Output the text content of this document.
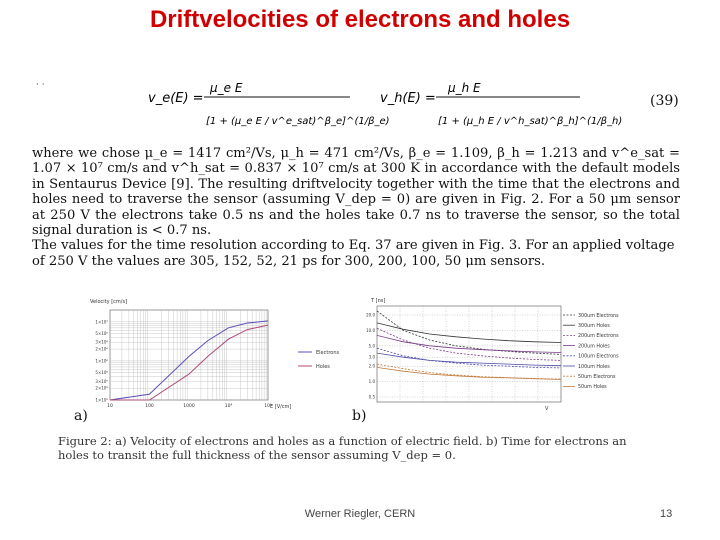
Driftvelocities of electrons and holes
· ·
v_e(E) =
μ_e E
[1 + (μ_e E / v^e_sat)^β_e]^(1/β_e)
v_h(E) =
μ_h E
[1 + (μ_h E / v^h_sat)^β_h]^(1/β_h)
(39)

where we chose μ_e = 1417 cm²/Vs, μ_h = 471 cm²/Vs, β_e = 1.109, β_h = 1.213 and v^e_sat = 1.07 × 10⁷ cm/s and v^h_sat = 0.837 × 10⁷ cm/s at 300 K in accordance with the default models in Sentaurus Device [9]. The resulting driftvelocity together with the time that the electrons and holes need to traverse the sensor (assuming V_dep = 0) are given in Fig. 2. For a 50 μm sensor at 250 V the electrons take 0.5 ns and the holes take 0.7 ns to traverse the sensor, so the total signal duration is < 0.7 ns.

The values for the time resolution according to Eq. 37 are given in Fig. 3. For an applied voltage of 250 V the values are 305, 152, 52, 21 ps for 300, 200, 100, 50 μm sensors.

10	100	1000	10⁴	10⁵
1×10⁷
5×10⁶
3×10⁶
2×10⁶
1×10⁶
5×10⁵
3×10⁵
2×10⁵
1×10⁵
Electrons
Holes
Velocity [cm/s]
E [V/cm]
a)
20.0
10.0
5.0
3.0
2.0
1.0
0.5
300um Electrons
300um Holes
200um Electrons
200um Holes
100um Electrons
100um Holes
50um Electrons
50um Holes
T [ns]
V
b)
Figure 2: a) Velocity of electrons and holes as a function of electric field. b) Time for electrons an holes to transit the full thickness of the sensor assuming V_dep = 0.
Werner Riegler, CERN	13
